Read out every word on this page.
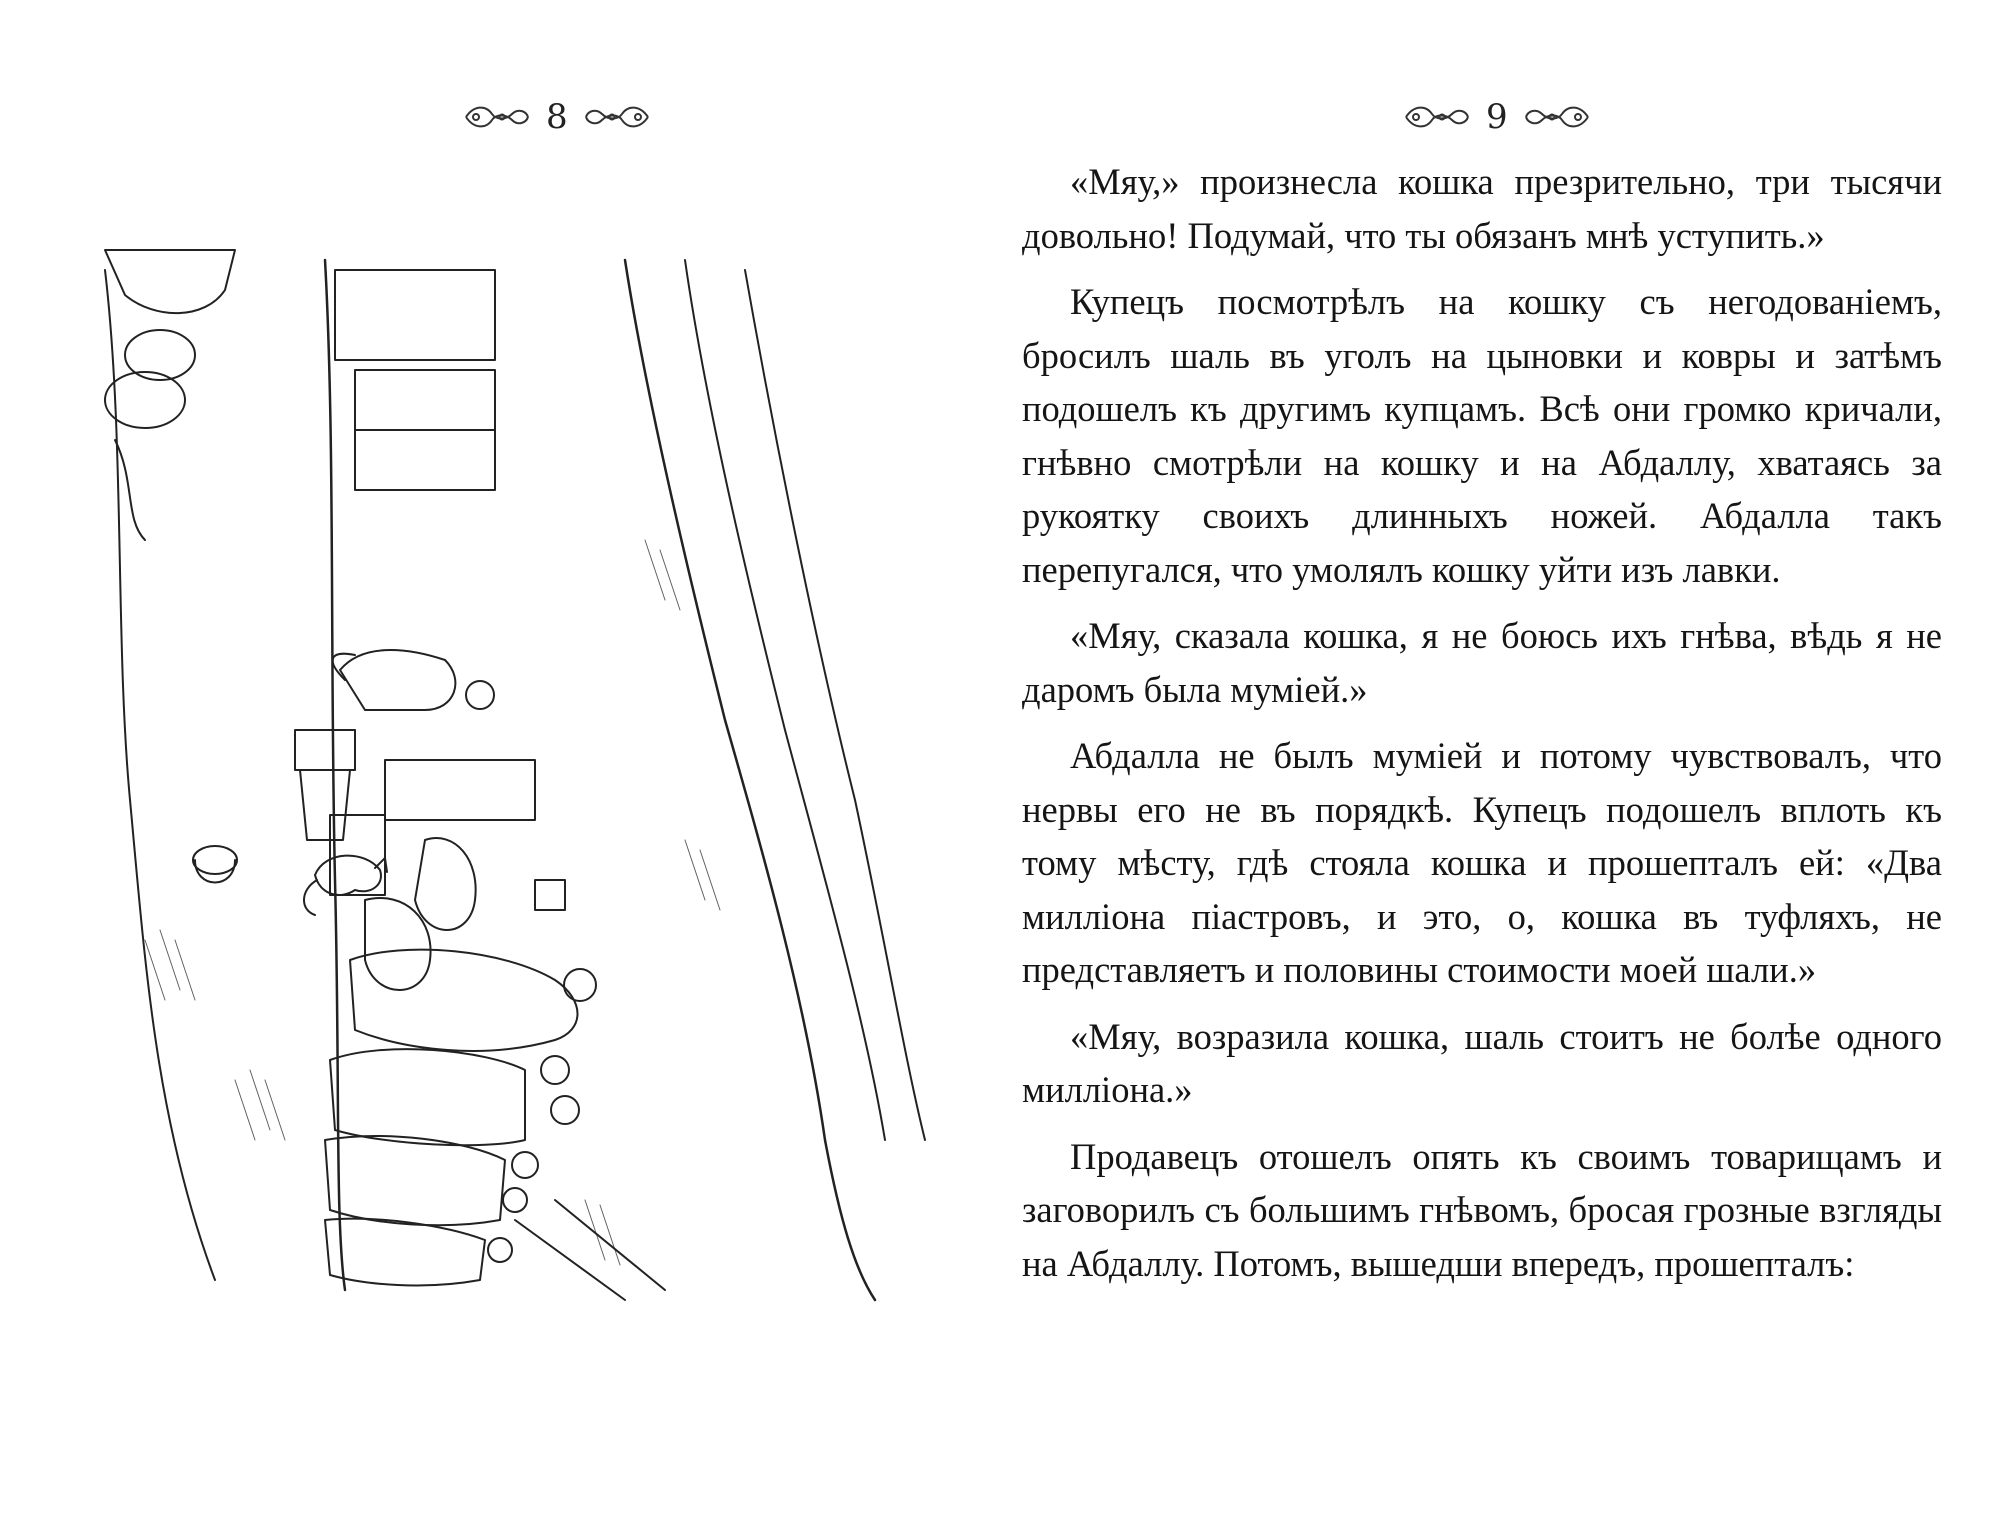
8	9

«Мяу,» произнесла кошка презрительно, три тысячи довольно! Подумай, что ты обязанъ мнѣ уступить.»

Купецъ посмотрѣлъ на кошку съ негодованіемъ, бросилъ шаль въ уголъ на цыновки и ковры и затѣмъ подошелъ къ другимъ купцамъ. Всѣ они громко кричали, гнѣвно смотрѣли на кошку и на Абдаллу, хватаясь за рукоятку своихъ длинныхъ ножей. Абдалла такъ перепугался, что умолялъ кошку уйти изъ лавки.

«Мяу, сказала кошка, я не боюсь ихъ гнѣва, вѣдь я не даромъ была муміей.»

Абдалла не былъ муміей и потому чувствовалъ, что нервы его не въ порядкѣ. Купецъ подошелъ вплоть къ тому мѣсту, гдѣ стояла кошка и прошепталъ ей: «Два милліона піастровъ, и это, о, кошка въ туфляхъ, не представляетъ и половины стоимости моей шали.»

«Мяу, возразила кошка, шаль стоитъ не болѣе одного милліона.»

Продавецъ отошелъ опять къ своимъ товарищамъ и заговорилъ съ большимъ гнѣвомъ, бросая грозные взгляды на Абдаллу. Потомъ, вышедши впередъ, прошепталъ:
